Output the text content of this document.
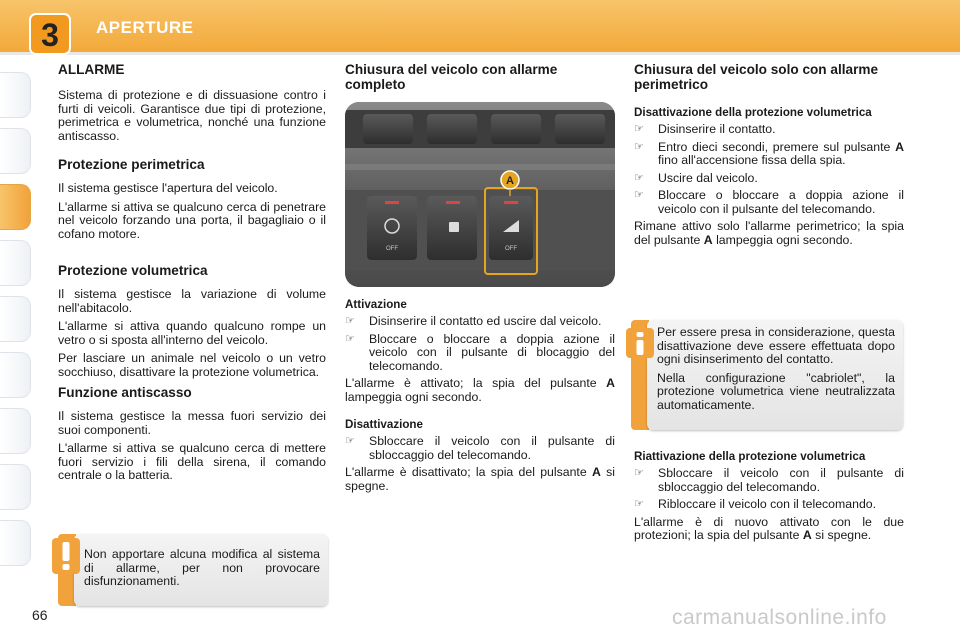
3 APERTURE
ALLARME

Sistema di protezione e di dissuasione contro i furti di veicoli. Garantisce due tipi di protezione, perimetrica e volumetrica, nonché una funzione antiscasso.

Protezione perimetrica

Il sistema gestisce l'apertura del veicolo.

L'allarme si attiva se qualcuno cerca di penetrare nel veicolo forzando una porta, il bagagliaio o il cofano motore.

Protezione volumetrica

Il sistema gestisce la variazione di volume nell'abitacolo.

L'allarme si attiva quando qualcuno rompe un vetro o si sposta all'interno del veicolo.

Per lasciare un animale nel veicolo o un vetro socchiuso, disattivare la protezione volumetrica.

Funzione antiscasso

Il sistema gestisce la messa fuori servizio dei suoi componenti.

L'allarme si attiva se qualcuno cerca di mettere fuori servizio i fili della sirena, il comando centrale o la batteria.

Non apportare alcuna modifica al sistema di allarme, per non provocare disfunzionamenti.

Chiusura del veicolo con allarme completo
A
OFF	OFF
Attivazione
☞	Disinserire il contatto ed uscire dal veicolo.
☞	Bloccare o bloccare a doppia azione il veicolo con il pulsante di blocaggio del telecomando.

L'allarme è attivato; la spia del pulsante A lampeggia ogni secondo.

Disattivazione
☞	Sbloccare il veicolo con il pulsante di sbloccaggio del telecomando.

L'allarme è disattivato; la spia del pulsante A si spegne.

Chiusura del veicolo solo con allarme perimetrico
Disattivazione della protezione volumetrica
☞	Disinserire il contatto.
☞	Entro dieci secondi, premere sul pulsante A fino all'accensione fissa della spia.
☞	Uscire dal veicolo.
☞	Bloccare o bloccare a doppia azione il veicolo con il pulsante del telecomando.

Rimane attivo solo l'allarme perimetrico; la spia del pulsante A lampeggia ogni secondo.

Per essere presa in considerazione, questa disattivazione deve essere effettuata dopo ogni disinserimento del contatto.

Nella configurazione "cabriolet", la protezione volumetrica viene neutralizzata automaticamente.

Riattivazione della protezione volumetrica
☞	Sbloccare il veicolo con il pulsante di sbloccaggio del telecomando.
☞	Ribloccare il veicolo con il telecomando.

L'allarme è di nuovo attivato con le due protezioni; la spia del pulsante A si spegne.

66	carmanualsonline.info
